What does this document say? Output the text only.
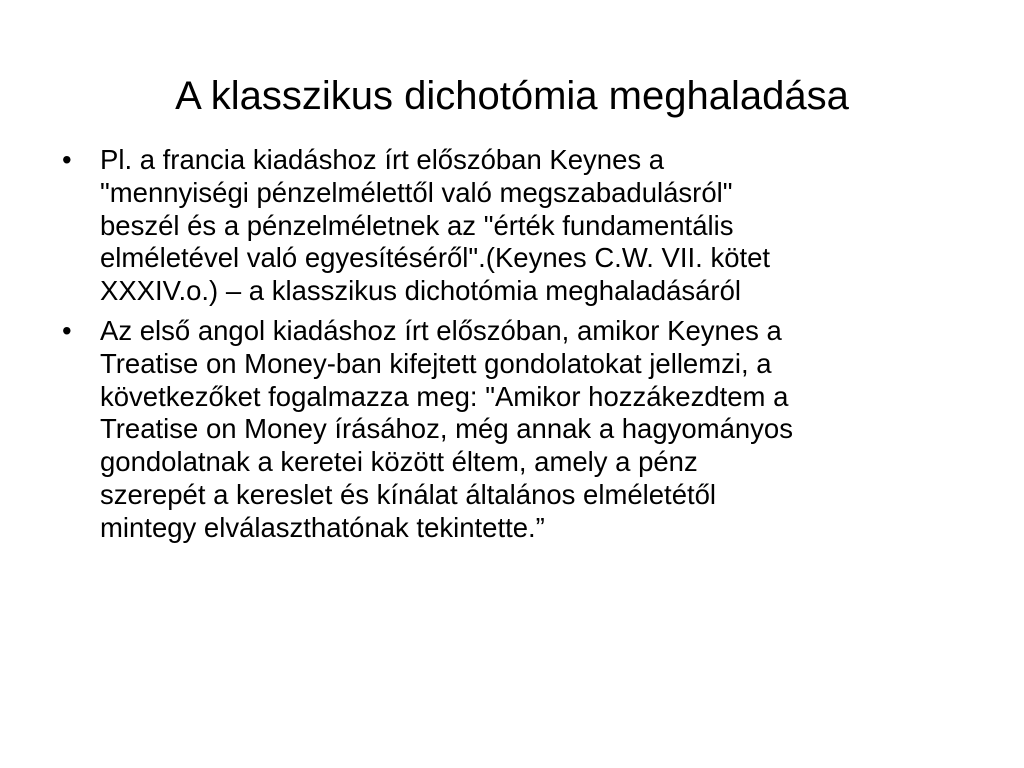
A klasszikus dichotómia meghaladása
•	Pl. a francia kiadáshoz írt előszóban Keynes a
"mennyiségi pénzelmélettől való megszabadulásról"
beszél és a pénzelméletnek az "érték fundamentális
elméletével való egyesítéséről".(Keynes C.W. VII. kötet
XXXIV.o.) – a klasszikus dichotómia meghaladásáról
•	Az első angol kiadáshoz írt előszóban, amikor Keynes a
Treatise on Money-ban kifejtett gondolatokat jellemzi, a
következőket fogalmazza meg: "Amikor hozzákezdtem a
Treatise on Money írásához, még annak a hagyományos
gondolatnak a keretei között éltem, amely a pénz
szerepét a kereslet és kínálat általános elméletétől
mintegy elválaszthatónak tekintette.”
